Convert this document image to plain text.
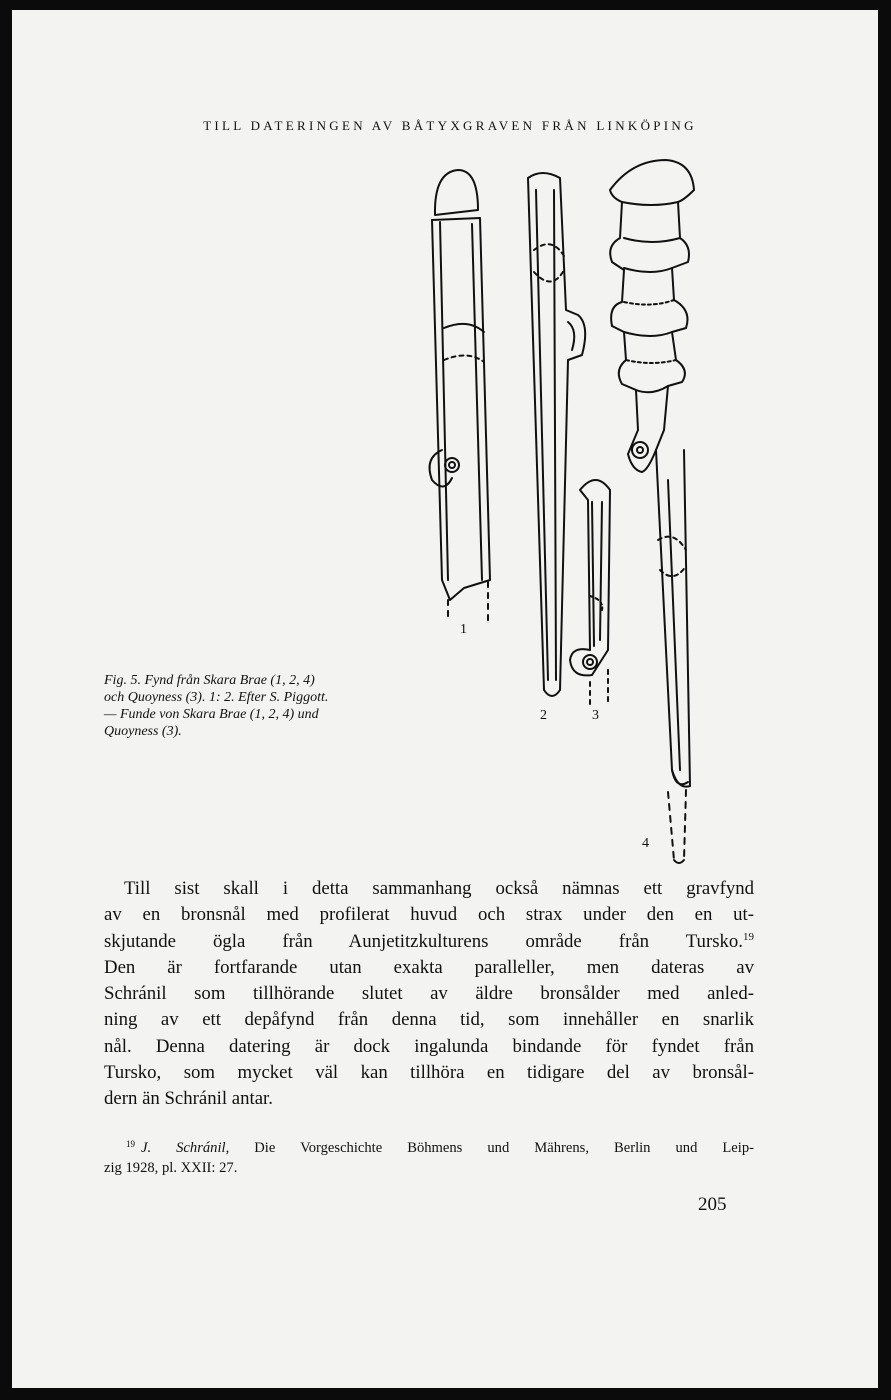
TILL DATERINGEN AV BÅTYXGRAVEN FRÅN LINKÖPING
1
2	3
4
Fig. 5. Fynd från Skara Brae (1, 2, 4)
och Quoyness (3). 1: 2. Efter S. Piggott.
— Funde von Skara Brae (1, 2, 4) und
Quoyness (3).
Till sist skall i detta sammanhang också nämnas ett gravfynd
av en bronsnål med profilerat huvud och strax under den en ut-
skjutande ögla från Aunjetitzkulturens område från Tursko.$^{19}$
Den är fortfarande utan exakta paralleller, men dateras av
Schránil som tillhörande slutet av äldre bronsålder med anled-
ning av ett depåfynd från denna tid, som innehåller en snarlik
nål. Denna datering är dock ingalunda bindande för fyndet från
Tursko, som mycket väl kan tillhöra en tidigare del av bronsål-
dern än Schránil antar.
$^{19}$ J. Schránil, Die Vorgeschichte Böhmens und Mährens, Berlin und Leip-
zig 1928, pl. XXII: 27.
205
